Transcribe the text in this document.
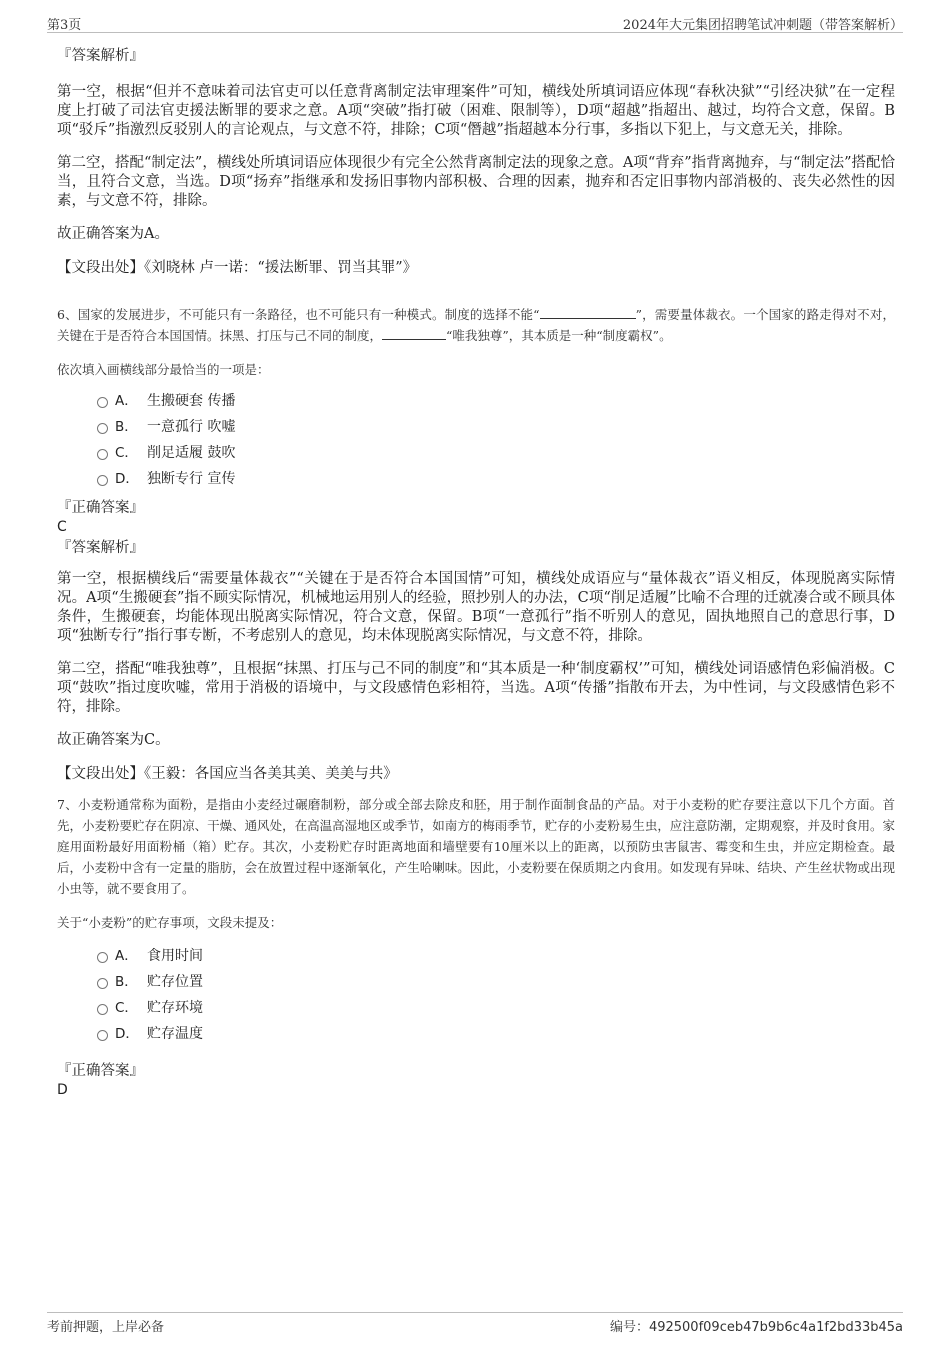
第3页	2024年大元集团招聘笔试冲刺题（带答案解析）

『答案解析』

第一空，根据“但并不意味着司法官吏可以任意背离制定法审理案件”可知，横线处所填词语应体现“春秋决狱”“引经决狱”在一定程度上打破了司法官吏援法断罪的要求之意。A项“突破”指打破（困难、限制等），D项“超越”指超出、越过，均符合文意，保留。B项“驳斥”指激烈反驳别人的言论观点，与文意不符，排除；C项“僭越”指超越本分行事，多指以下犯上，与文意无关，排除。

第二空，搭配“制定法”，横线处所填词语应体现很少有完全公然背离制定法的现象之意。A项“背弃”指背离抛弃，与“制定法”搭配恰当，且符合文意，当选。D项“扬弃”指继承和发扬旧事物内部积极、合理的因素，抛弃和否定旧事物内部消极的、丧失必然性的因素，与文意不符，排除。

故正确答案为A。

【文段出处】《刘晓林 卢一诺：“援法断罪、罚当其罪”》

6、国家的发展进步，不可能只有一条路径，也不可能只有一种模式。制度的选择不能“	”，需要量体裁衣。一个国家的路走得对不对，关键在于是否符合本国国情。抹黑、打压与己不同的制度，	“唯我独尊”，其本质是一种“制度霸权”。

依次填入画横线部分最恰当的一项是：

A． 生搬硬套 传播
B． 一意孤行 吹嘘
C． 削足适履 鼓吹
D． 独断专行 宣传

『正确答案』

C

『答案解析』

第一空，根据横线后“需要量体裁衣”“关键在于是否符合本国国情”可知，横线处成语应与“量体裁衣”语义相反，体现脱离实际情况。A项“生搬硬套”指不顾实际情况，机械地运用别人的经验，照抄别人的办法，C项“削足适履”比喻不合理的迁就凑合或不顾具体条件，生搬硬套，均能体现出脱离实际情况，符合文意，保留。B项“一意孤行”指不听别人的意见，固执地照自己的意思行事，D项“独断专行”指行事专断，不考虑别人的意见，均未体现脱离实际情况，与文意不符，排除。

第二空，搭配“唯我独尊”，且根据“抹黑、打压与己不同的制度”和“其本质是一种‘制度霸权’”可知，横线处词语感情色彩偏消极。C项“鼓吹”指过度吹嘘，常用于消极的语境中，与文段感情色彩相符，当选。A项“传播”指散布开去，为中性词，与文段感情色彩不符，排除。

故正确答案为C。

【文段出处】《王毅：各国应当各美其美、美美与共》

7、小麦粉通常称为面粉，是指由小麦经过碾磨制粉，部分或全部去除皮和胚，用于制作面制食品的产品。对于小麦粉的贮存要注意以下几个方面。首先，小麦粉要贮存在阴凉、干燥、通风处，在高温高湿地区或季节，如南方的梅雨季节，贮存的小麦粉易生虫，应注意防潮，定期观察，并及时食用。家庭用面粉最好用面粉桶（箱）贮存。其次，小麦粉贮存时距离地面和墙壁要有10厘米以上的距离，以预防虫害鼠害、霉变和生虫，并应定期检查。最后，小麦粉中含有一定量的脂肪，会在放置过程中逐渐氧化，产生哈喇味。因此，小麦粉要在保质期之内食用。如发现有异味、结块、产生丝状物或出现小虫等，就不要食用了。

关于“小麦粉”的贮存事项，文段未提及：

A． 食用时间
B． 贮存位置
C． 贮存环境
D． 贮存温度

『正确答案』

D
考前押题，上岸必备	编号：492500f09ceb47b9b6c4a1f2bd33b45a
